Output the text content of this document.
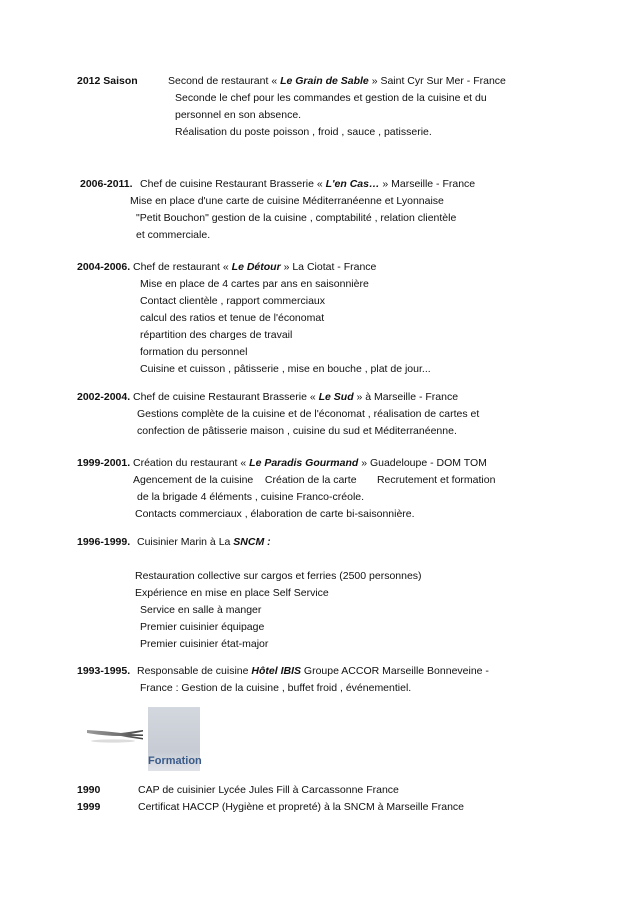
2012 Saison	Second de restaurant « Le Grain de Sable » Saint Cyr Sur Mer - France
Seconde le chef pour les commandes et gestion de la cuisine et du
personnel en son absence.
Réalisation du poste poisson , froid , sauce , patisserie.
2006-2011. Chef de cuisine Restaurant Brasserie « L'en Cas… » Marseille - France
Mise en place d'une carte de cuisine Méditerranéenne et Lyonnaise
"Petit Bouchon" gestion de la cuisine , comptabilité , relation clientèle
et commerciale.
2004-2006. Chef de restaurant « Le Détour » La Ciotat - France
Mise en place de 4 cartes par ans en saisonnière
Contact clientèle , rapport commerciaux
calcul des ratios et tenue de l'économat
répartition des charges de travail
formation du personnel
Cuisine et cuisson , pâtisserie , mise en bouche , plat de jour...
2002-2004. Chef de cuisine Restaurant Brasserie « Le Sud » à Marseille - France
Gestions complète de la cuisine et de l'économat , réalisation de cartes et
confection de pâtisserie maison , cuisine du sud et Méditerranéenne.
1999-2001. Création du restaurant « Le Paradis Gourmand » Guadeloupe - DOM TOM
Agencement de la cuisine    Création de la carte       Recrutement et formation
de la brigade 4 éléments , cuisine Franco-créole.
Contacts commerciaux , élaboration de carte bi-saisonnière.
1996-1999. Cuisinier Marin à La SNCM :
Restauration collective sur cargos et ferries (2500 personnes)
Expérience en mise en place Self Service
Service en salle à manger
Premier cuisinier équipage
Premier cuisinier état-major
1993-1995. Responsable de cuisine Hôtel IBIS Groupe ACCOR Marseille Bonneveine -
France : Gestion de la cuisine , buffet froid , événementiel.
Formation
1990	CAP de cuisinier Lycée Jules Fill à Carcassonne France
1999	Certificat HACCP (Hygiène et propreté) à la SNCM à Marseille France
